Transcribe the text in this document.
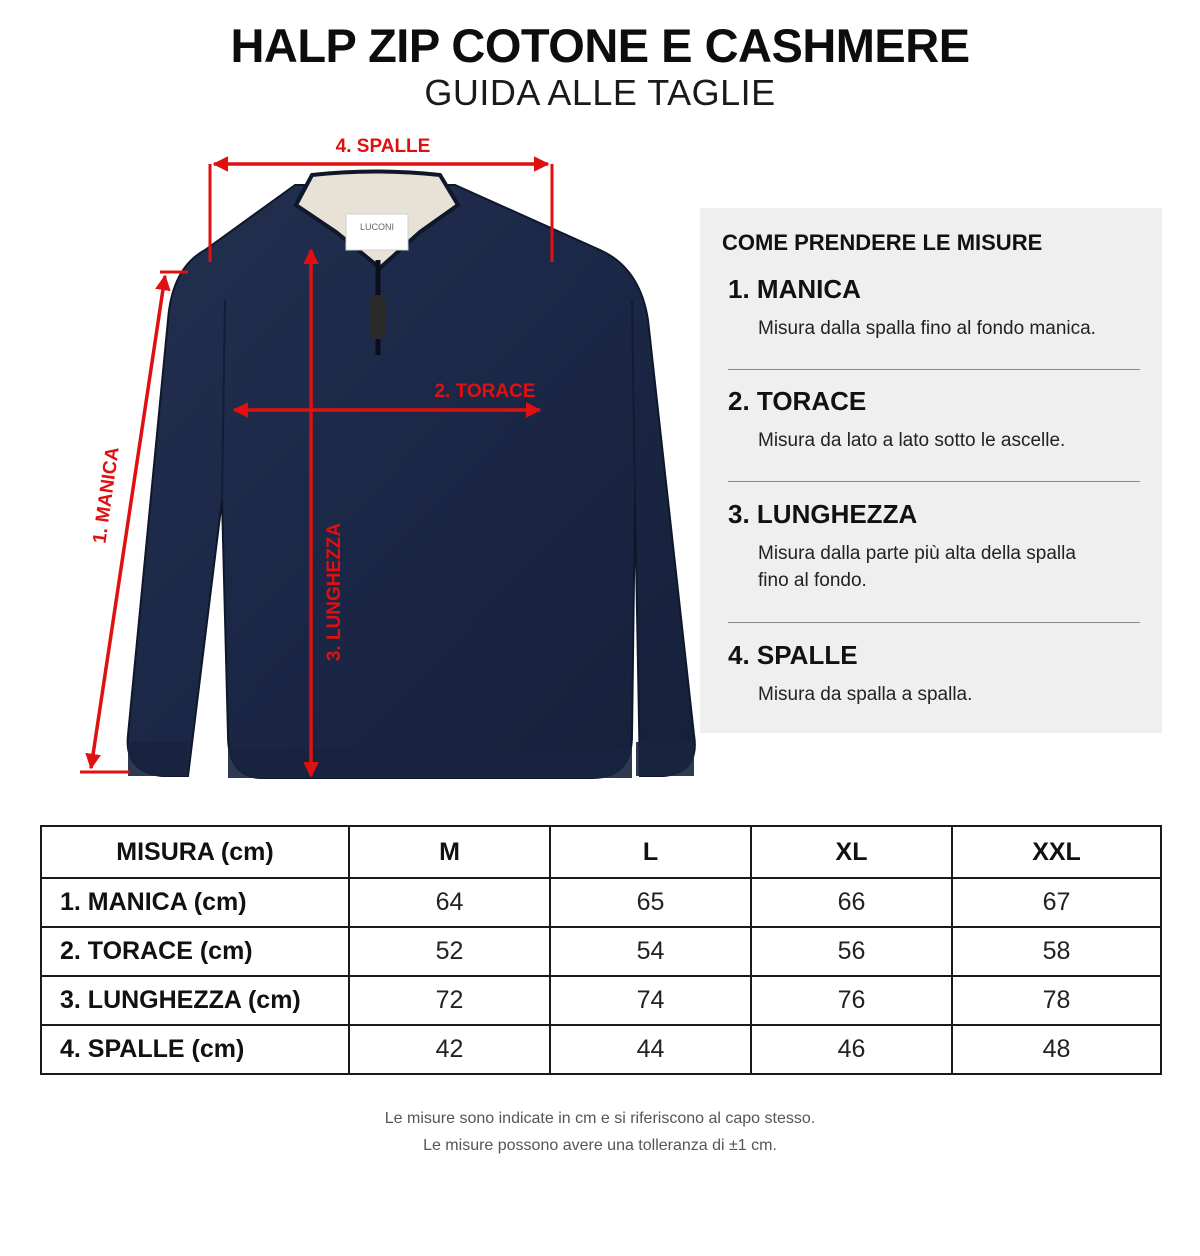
HALP ZIP COTONE E CASHMERE
GUIDA ALLE TAGLIE
LUCONI
4. SPALLE
2. TORACE
3. LUNGHEZZA
1. MANICA
COME PRENDERE LE MISURE
1. MANICA
Misura dalla spalla fino al fondo manica.
2. TORACE
Misura da lato a lato sotto le ascelle.
3. LUNGHEZZA
Misura dalla parte più alta della spalla
fino al fondo.
4. SPALLE
Misura da spalla a spalla.
MISURA (cm)	M	L	XL	XXL
1. MANICA (cm)	64	65	66	67
2. TORACE (cm)	52	54	56	58
3. LUNGHEZZA (cm)	72	74	76	78
4. SPALLE (cm)	42	44	46	48
Le misure sono indicate in cm e si riferiscono al capo stesso.
Le misure possono avere una tolleranza di ±1 cm.
